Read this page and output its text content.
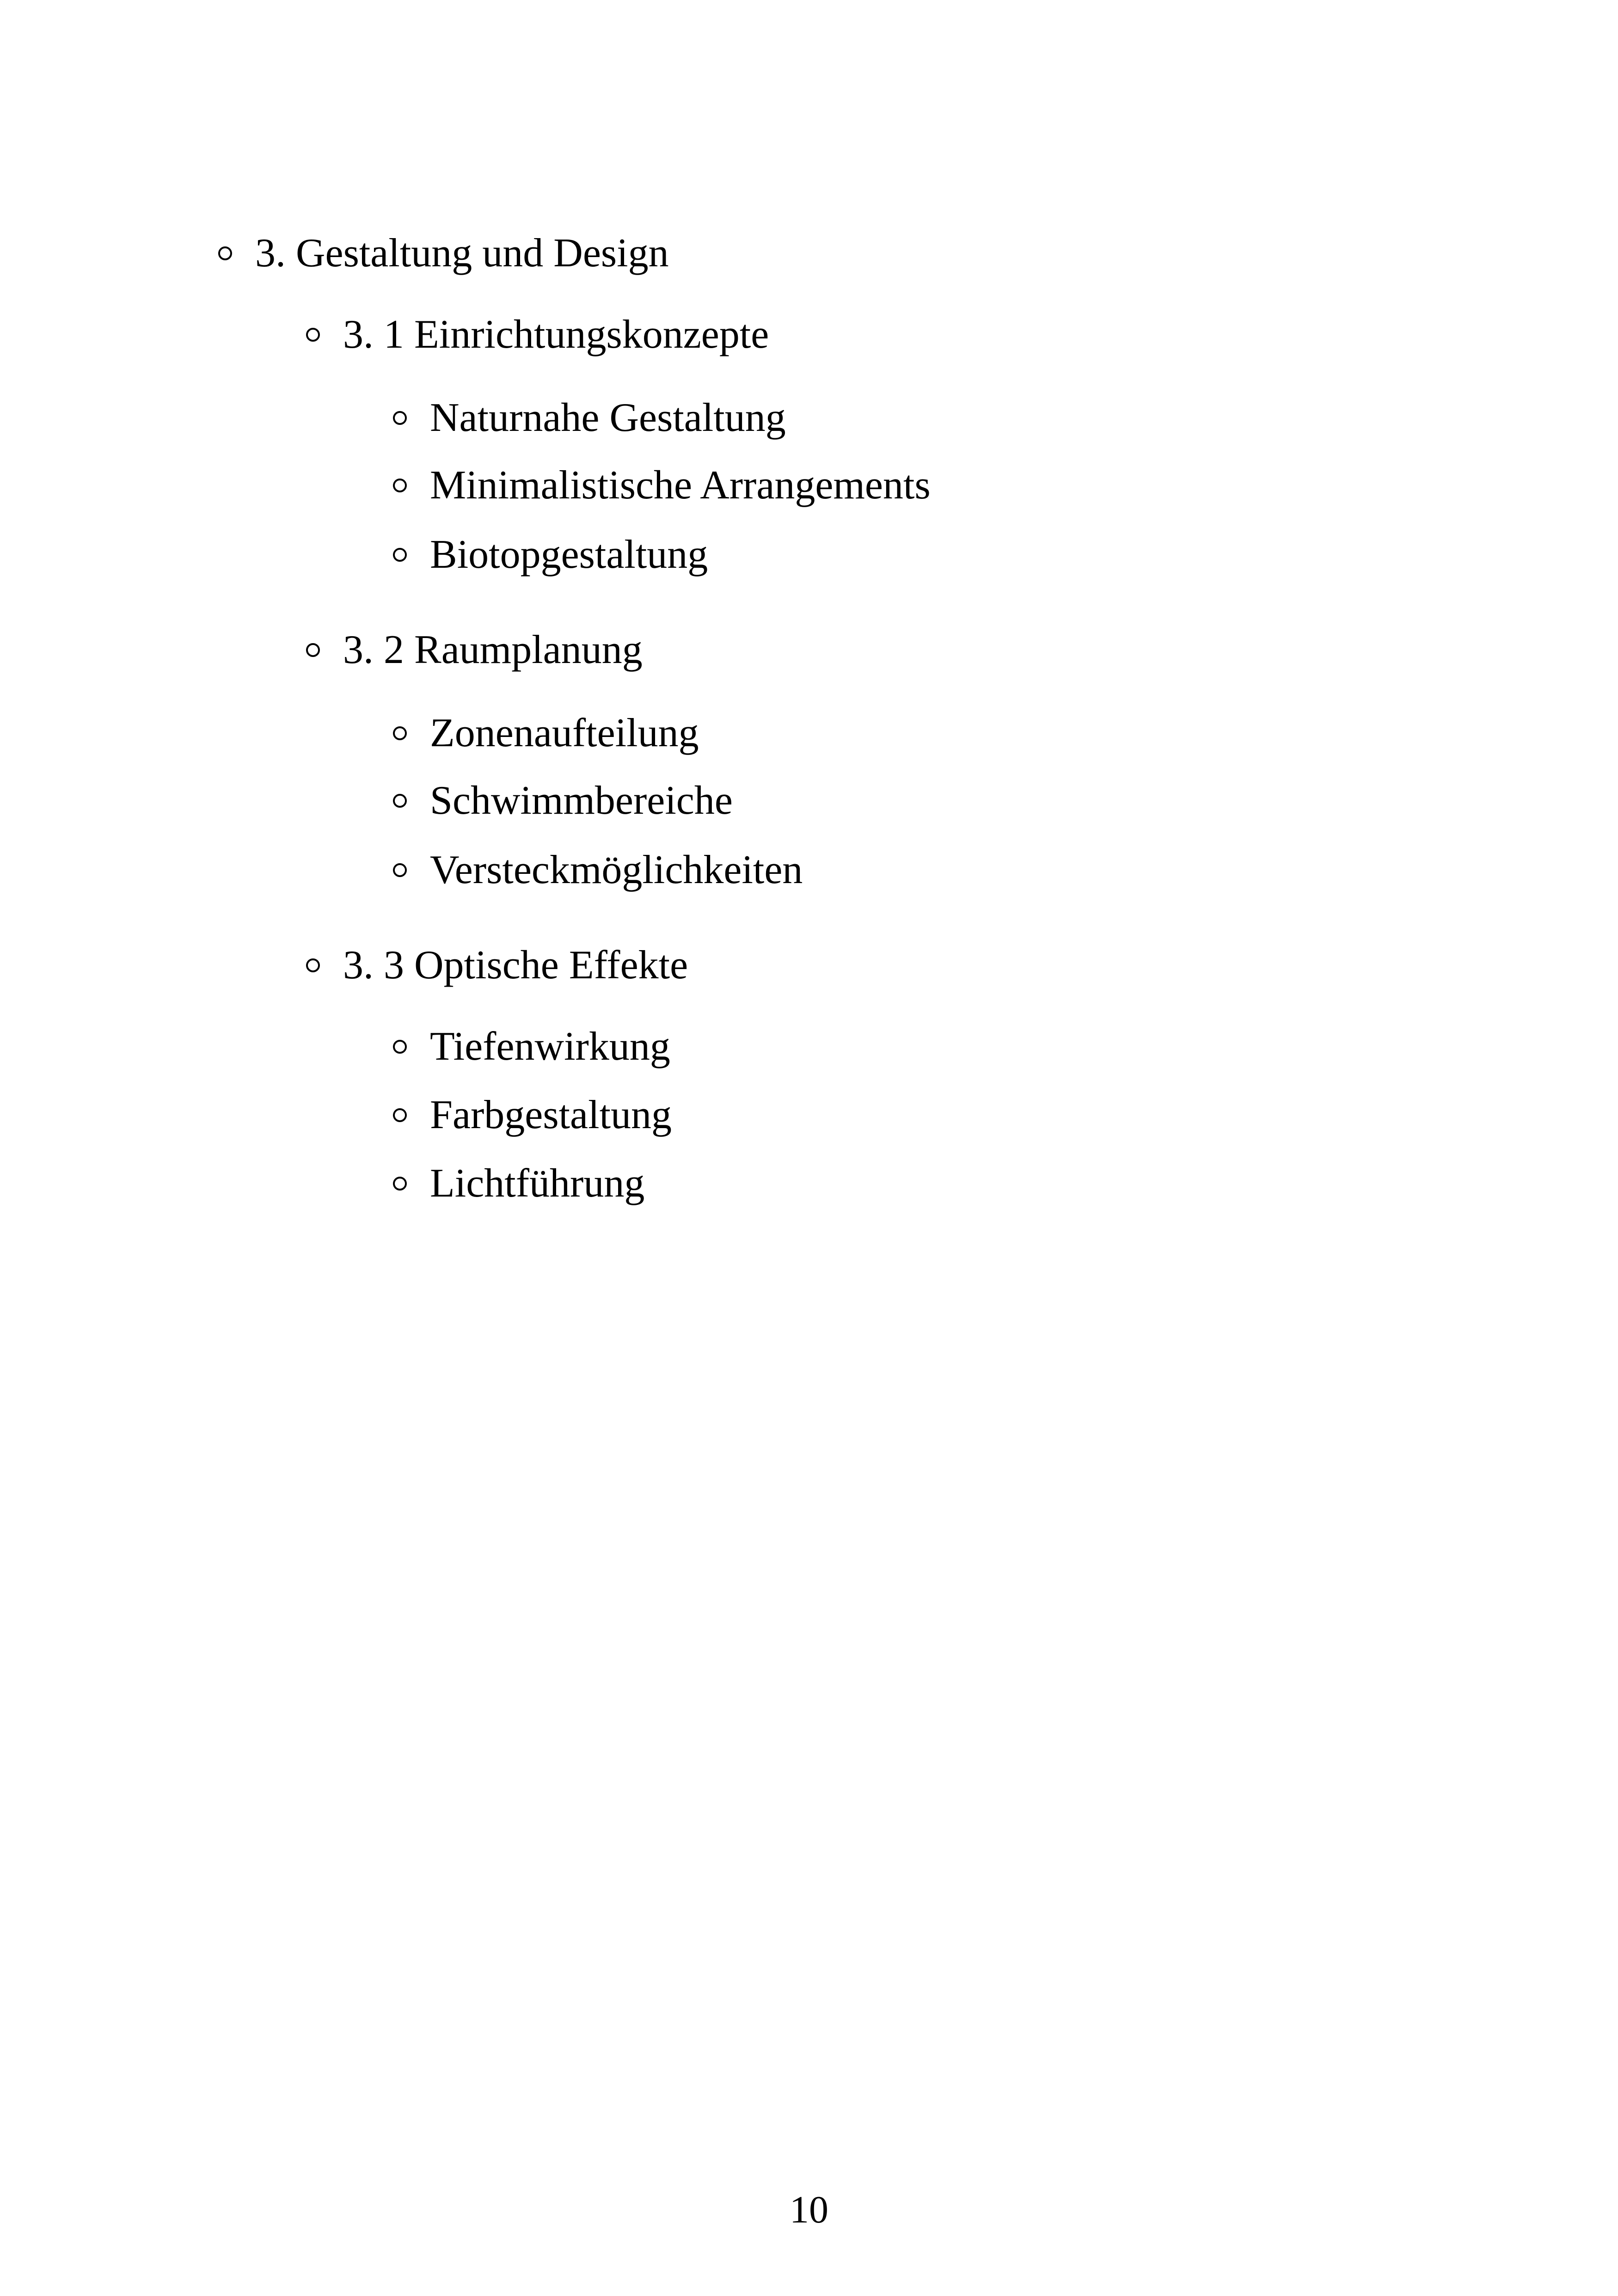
3. Gestaltung und Design
3. 1 Einrichtungskonzepte
Naturnahe Gestaltung
Minimalistische Arrangements
Biotopgestaltung
3. 2 Raumplanung
Zonenaufteilung
Schwimmbereiche
Versteckmöglichkeiten
3. 3 Optische Effekte
Tiefenwirkung
Farbgestaltung
Lichtführung
10
